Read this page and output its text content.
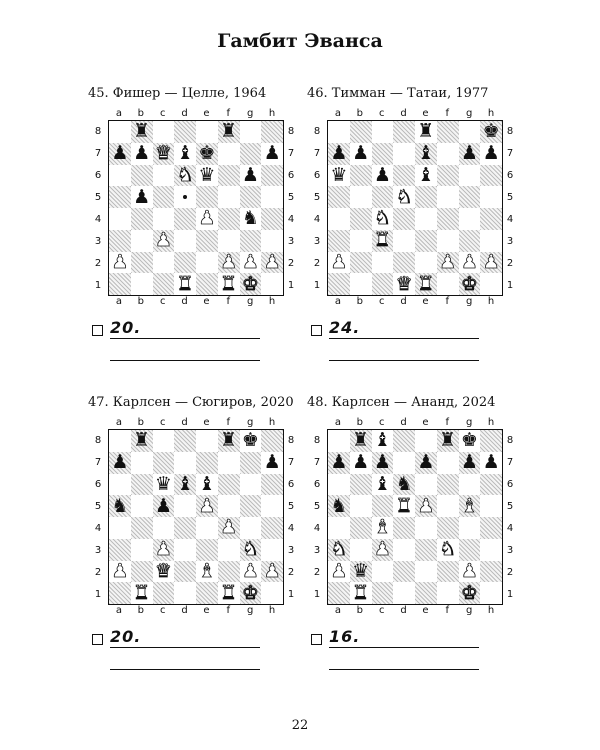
Гамбит Эванса
45. Фишер — Целле, 1964
a	b	c	d	e	f	g	h
a	b	c	d	e	f	g	h
8
7
6
5
4
3
2
1
8
7
6
5
4
3
2
1
♜	♜
♟ ♟ ♛ ♝ ♚	♟
♞ ♛ ♟
♟
♟ ♞
♟
♟	♟ ♟ ♟
♜ ♜ ♚
20.
46. Тимман — Татаи, 1977
a	b	c	d	e	f	g	h
a	b	c	d	e	f	g	h
8
7
6
5
4
3
2
1
8
7
6
5
4
3
2
1
♜	♚
♟ ♟	♝ ♟ ♟
♛ ♟ ♝
♞
♞
♜
♟	♟ ♟ ♟
♛ ♜ ♚
24.
47. Карлсен — Сюгиров, 2020
a	b	c	d	e	f	g	h
a	b	c	d	e	f	g	h
8
7
6
5
4
3
2
1
8
7
6
5
4
3
2
1
♜	♜ ♚
♟	♟
♛ ♝ ♝
♞ ♟ ♟
♟
♟	♞
♟ ♛ ♝ ♟ ♟
♜	♜ ♚
20.
48. Карлсен — Ананд, 2024
a	b	c	d	e	f	g	h
a	b	c	d	e	f	g	h
8
7
6
5
4
3
2
1
8
7
6
5
4
3
2
1
♜ ♝	♜ ♚
♟ ♟ ♟ ♟ ♟ ♟
♝ ♞
♞	♜ ♟ ♝
♝
♞ ♟	♞
♟ ♛	♟
♜	♚
16.
22
